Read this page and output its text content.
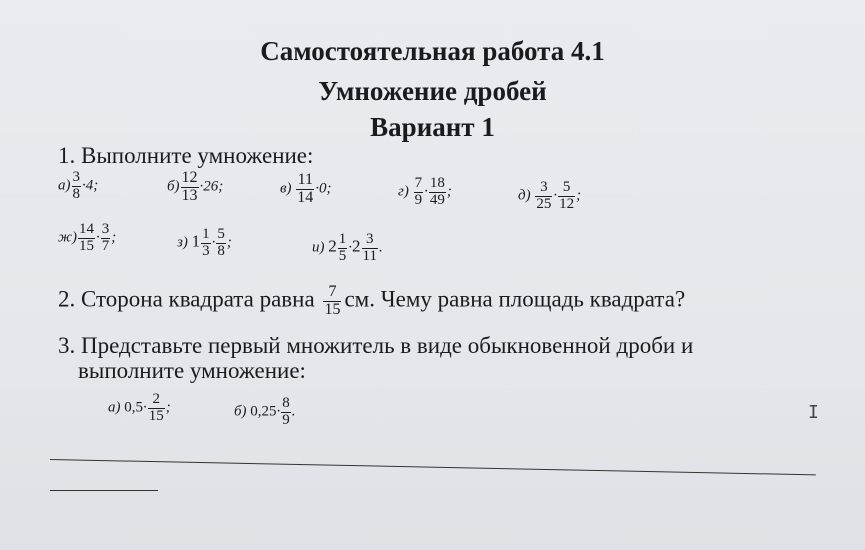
Самостоятельная работа 4.1
Умножение дробей
Вариант 1
1. Выполните умножение:
$а) \frac{3}{8} \cdot 4$;	$б) \frac{12}{13} \cdot 26$;	$в) \frac{11}{14} \cdot 0$;	$г) \frac{7}{9} \cdot \frac{18}{49}$ ;	$д) \frac{3}{25} \cdot \frac{5}{12}$ ;
$ж) \frac{14}{15} \cdot \frac{3}{7}$ ;	з) $1 \frac{1}{3} \cdot \frac{5}{8}$ ;	и) $2 \frac{1}{5} \cdot 2 \frac{3}{11}$ .
2. Сторона квадрата равна $\frac{7}{15}$ см. Чему равна площадь квадрата?
3. Представьте первый множитель в виде обыкновенной дроби и
выполните умножение:
а) $0,5\cdot \frac{2}{15}$ ;	б) $0,25\cdot \frac{8}{9}$ .	I
